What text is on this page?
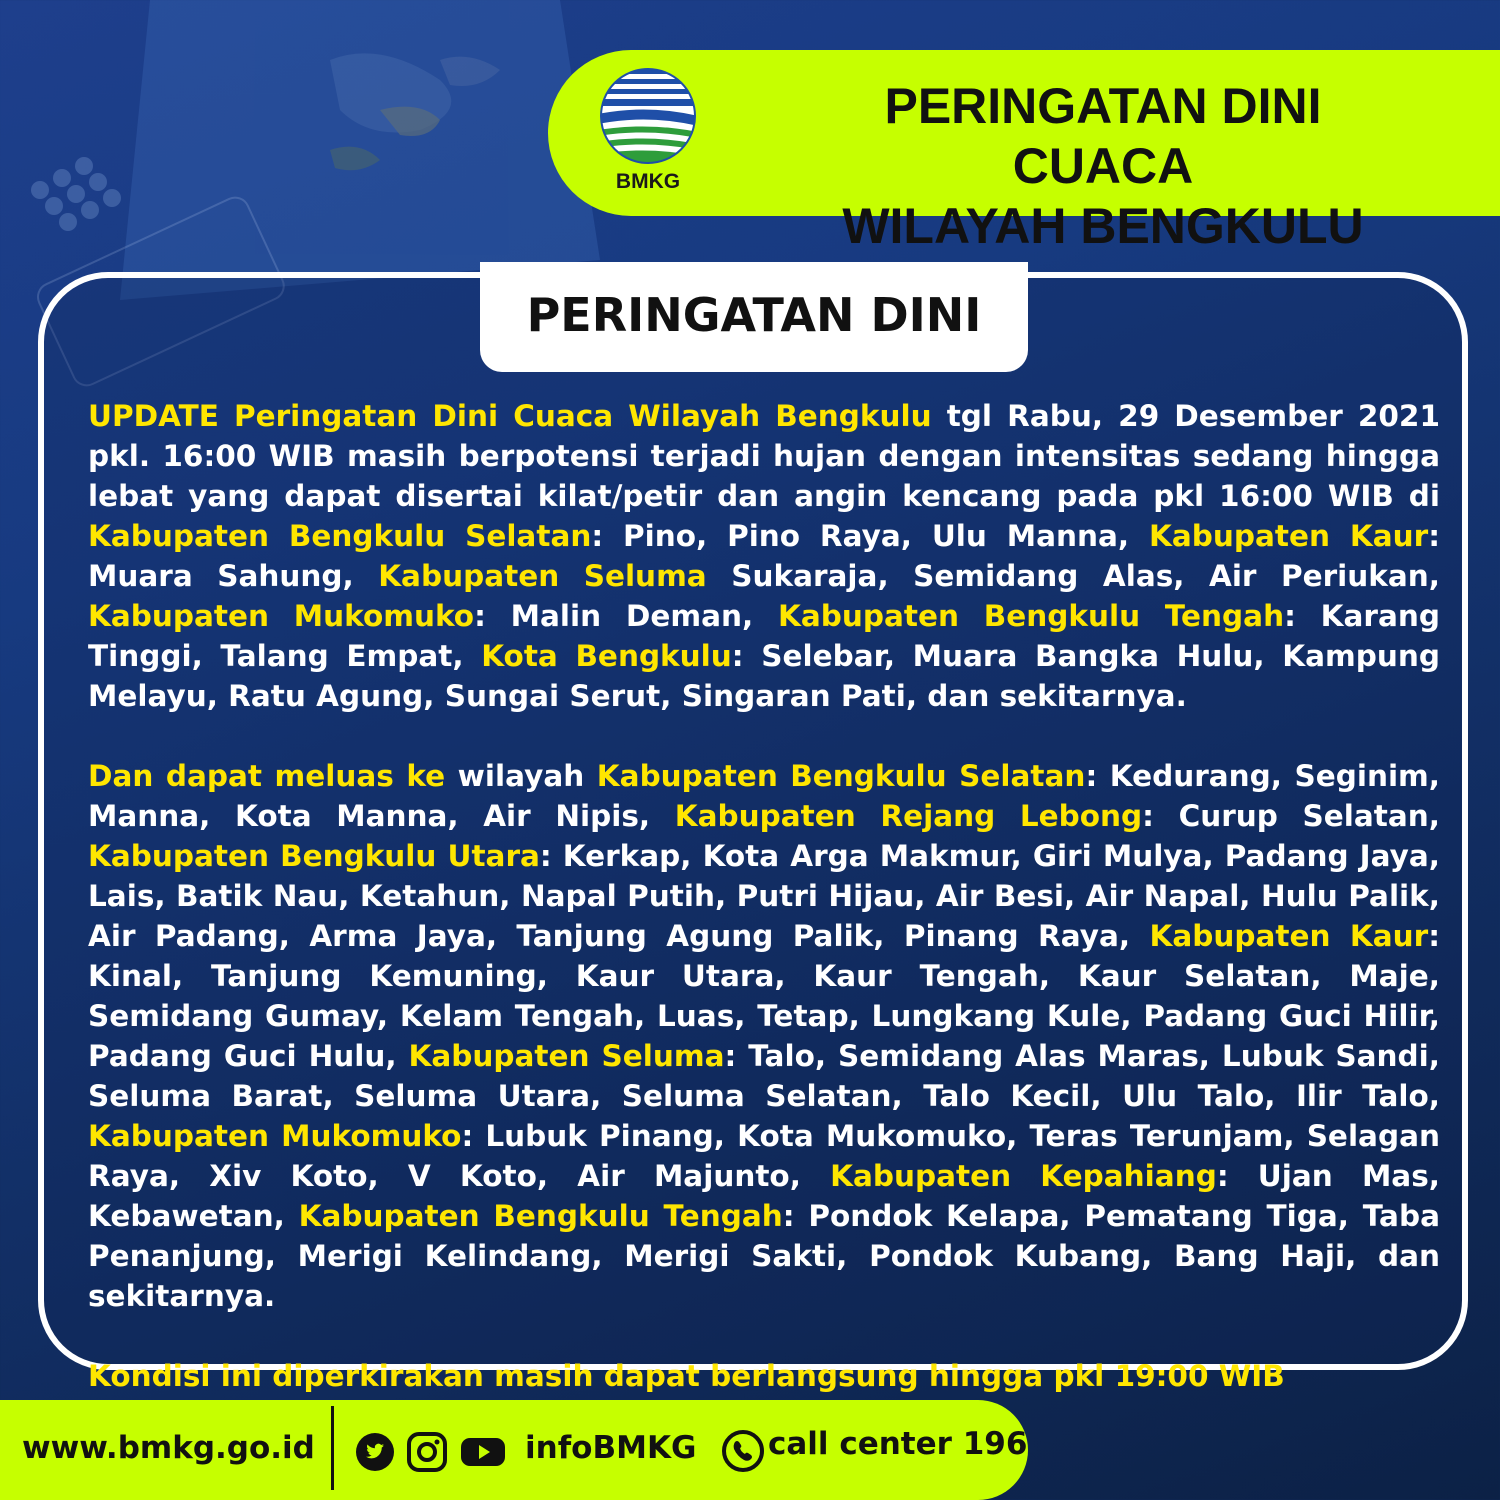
BMKG
PERINGATAN DINI CUACA
WILAYAH BENGKULU
PERINGATAN DINI

UPDATE Peringatan Dini Cuaca Wilayah Bengkulu tgl Rabu, 29 Desember 2021 pkl. 16:00 WIB masih berpotensi terjadi hujan dengan intensitas sedang hingga lebat yang dapat disertai kilat/petir dan angin kencang pada pkl 16:00 WIB di Kabupaten Bengkulu Selatan: Pino, Pino Raya, Ulu Manna, Kabupaten Kaur: Muara Sahung, Kabupaten Seluma Sukaraja, Semidang Alas, Air Periukan, Kabupaten Mukomuko: Malin Deman, Kabupaten Bengkulu Tengah: Karang Tinggi, Talang Empat, Kota Bengkulu: Selebar, Muara Bangka Hulu, Kampung Melayu, Ratu Agung, Sungai Serut, Singaran Pati, dan sekitarnya.

Dan dapat meluas ke wilayah Kabupaten Bengkulu Selatan: Kedurang, Seginim, Manna, Kota Manna, Air Nipis, Kabupaten Rejang Lebong: Curup Selatan, Kabupaten Bengkulu Utara: Kerkap, Kota Arga Makmur, Giri Mulya, Padang Jaya, Lais, Batik Nau, Ketahun, Napal Putih, Putri Hijau, Air Besi, Air Napal, Hulu Palik, Air Padang, Arma Jaya, Tanjung Agung Palik, Pinang Raya, Kabupaten Kaur: Kinal, Tanjung Kemuning, Kaur Utara, Kaur Tengah, Kaur Selatan, Maje, Semidang Gumay, Kelam Tengah, Luas, Tetap, Lungkang Kule, Padang Guci Hilir, Padang Guci Hulu, Kabupaten Seluma: Talo, Semidang Alas Maras, Lubuk Sandi, Seluma Barat, Seluma Utara, Seluma Selatan, Talo Kecil, Ulu Talo, Ilir Talo, Kabupaten Mukomuko: Lubuk Pinang, Kota Mukomuko, Teras Terunjam, Selagan Raya, Xiv Koto, V Koto, Air Majunto, Kabupaten Kepahiang: Ujan Mas, Kebawetan, Kabupaten Bengkulu Tengah: Pondok Kelapa, Pematang Tiga, Taba Penanjung, Merigi Kelindang, Merigi Sakti, Pondok Kubang, Bang Haji, dan sekitarnya.

Kondisi ini diperkirakan masih dapat berlangsung hingga pkl 19:00 WIB

www.bmkg.go.id	infoBMKG call center 196
